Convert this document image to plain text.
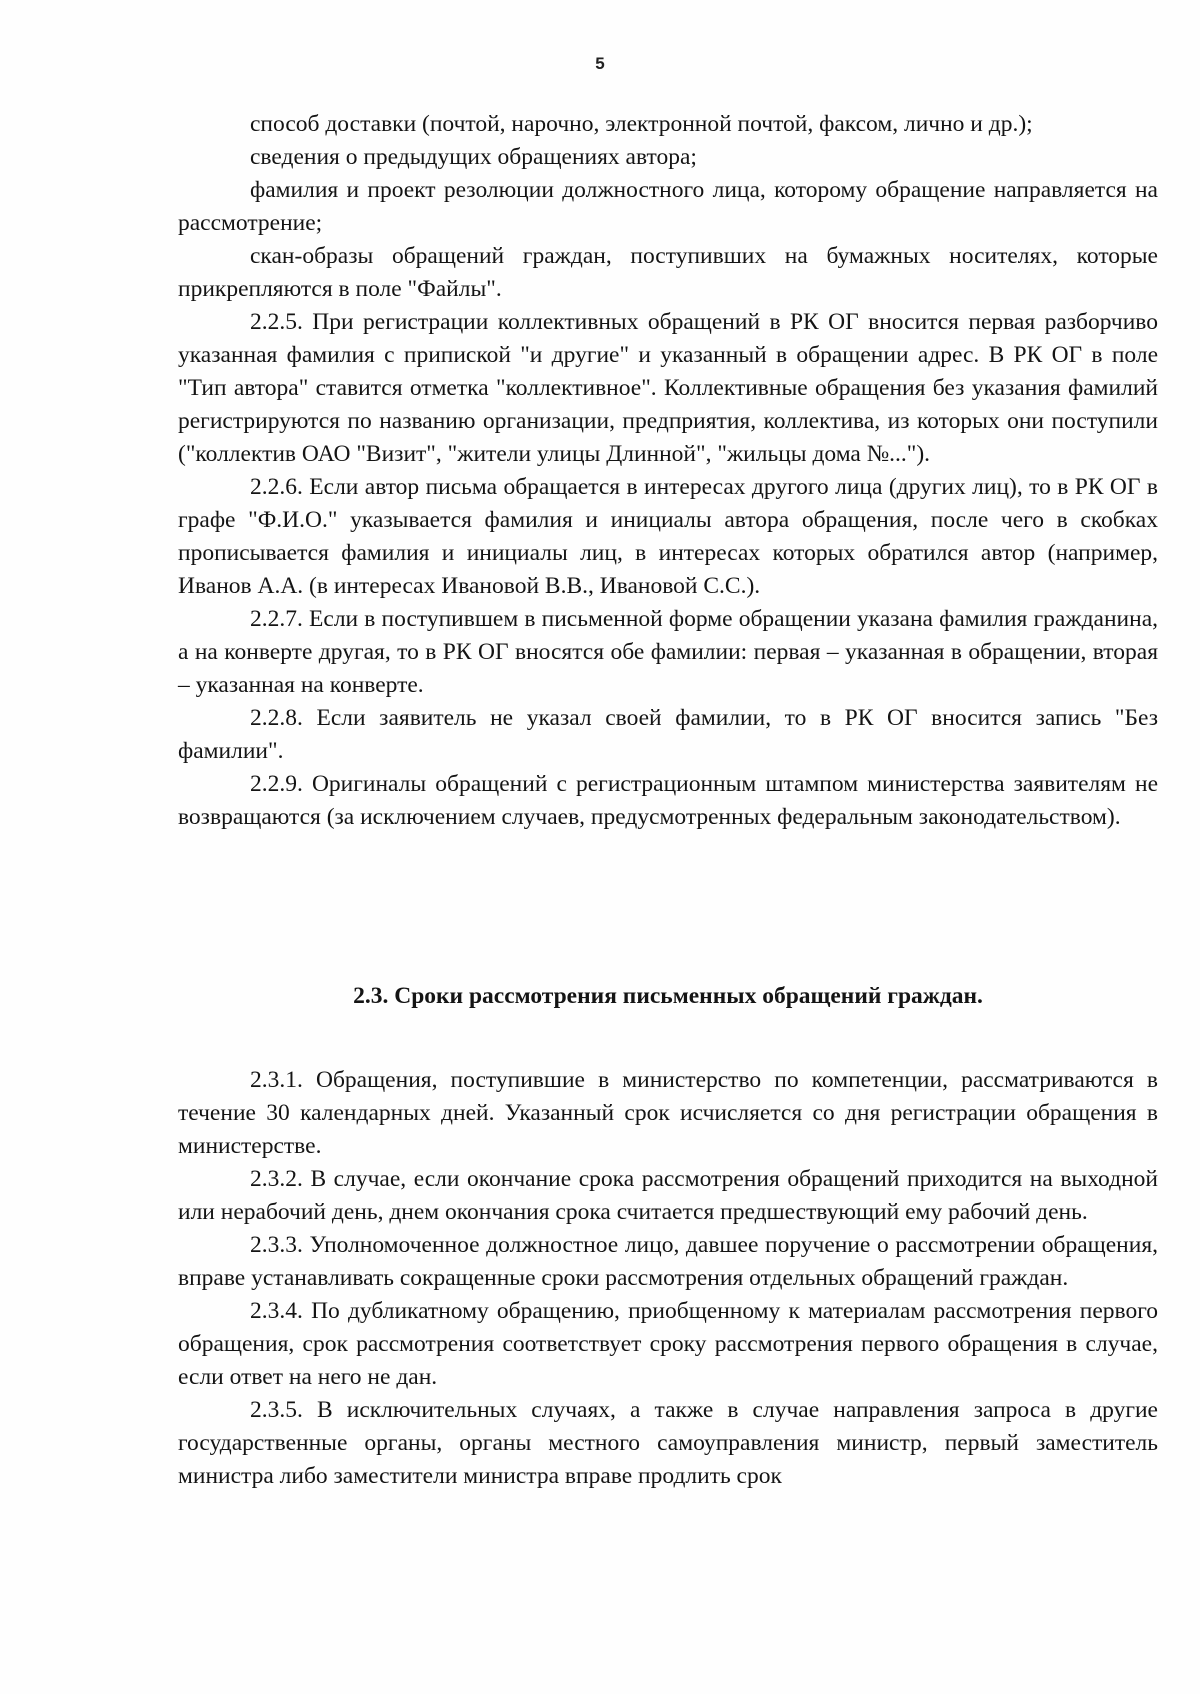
5

способ доставки (почтой, нарочно, электронной почтой, факсом, лично и др.);

сведения о предыдущих обращениях автора;

фамилия и проект резолюции должностного лица, которому обращение направляется на рассмотрение;

скан-образы обращений граждан, поступивших на бумажных носителях, которые прикрепляются в поле "Файлы".

2.2.5. При регистрации коллективных обращений в РК ОГ вносится первая разборчиво указанная фамилия с припиской "и другие" и указанный в обращении адрес. В РК ОГ в поле "Тип автора" ставится отметка "коллективное". Коллективные обращения без указания фамилий регистрируются по названию организации, предприятия, коллектива, из которых они поступили ("коллектив ОАО "Визит", "жители улицы Длинной", "жильцы дома №...").

2.2.6. Если автор письма обращается в интересах другого лица (других лиц), то в РК ОГ в графе "Ф.И.О." указывается фамилия и инициалы автора обращения, после чего в скобках прописывается фамилия и инициалы лиц, в интересах которых обратился автор (например, Иванов А.А. (в интересах Ивановой В.В., Ивановой С.С.).

2.2.7. Если в поступившем в письменной форме обращении указана фамилия гражданина, а на конверте другая, то в РК ОГ вносятся обе фамилии: первая – указанная в обращении, вторая – указанная на конверте.

2.2.8. Если заявитель не указал своей фамилии, то в РК ОГ вносится запись "Без фамилии".

2.2.9. Оригиналы обращений с регистрационным штампом министерства заявителям не возвращаются (за исключением случаев, предусмотренных федеральным законодательством).

2.3. Сроки рассмотрения письменных обращений граждан.

2.3.1. Обращения, поступившие в министерство по компетенции, рассматриваются в течение 30 календарных дней. Указанный срок исчисляется со дня регистрации обращения в министерстве.

2.3.2. В случае, если окончание срока рассмотрения обращений приходится на выходной или нерабочий день, днем окончания срока считается предшествующий ему рабочий день.

2.3.3. Уполномоченное должностное лицо, давшее поручение о рассмотрении обращения, вправе устанавливать сокращенные сроки рассмотрения отдельных обращений граждан.

2.3.4. По дубликатному обращению, приобщенному к материалам рассмотрения первого обращения, срок рассмотрения соответствует сроку рассмотрения первого обращения в случае, если ответ на него не дан.

2.3.5. В исключительных случаях, а также в случае направления запроса в другие государственные органы, органы местного самоуправления министр, первый заместитель министра либо заместители министра вправе продлить срок
